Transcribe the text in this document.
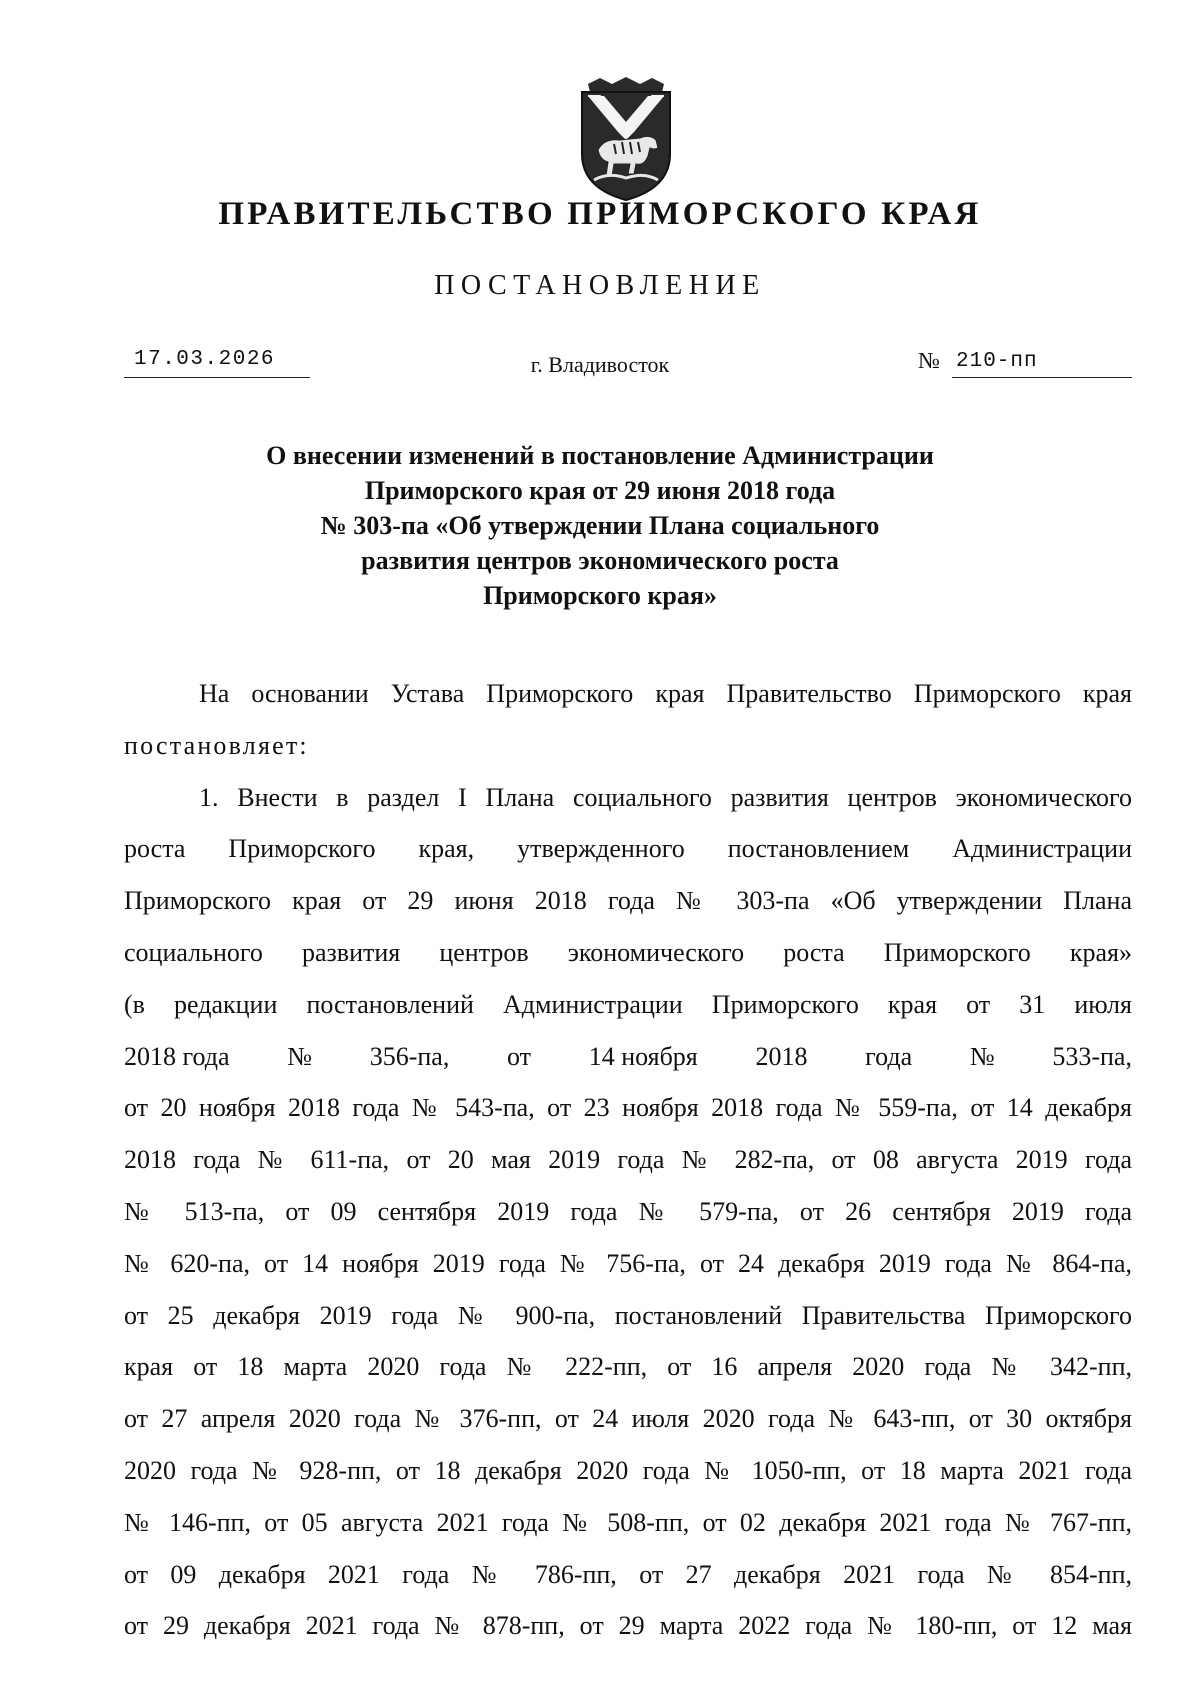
ПРАВИТЕЛЬСТВО ПРИМОРСКОГО КРАЯ
ПОСТАНОВЛЕНИЕ
17.03.2026	г. Владивосток	№ 210-пп
О внесении изменений в постановление Администрации
Приморского края от 29 июня 2018 года
№ 303-па «Об утверждении Плана социального
развития центров экономического роста
Приморского края»
На основании Устава Приморского края Правительство Приморского края
постановляет:
1. Внести в раздел I Плана социального развития центров экономического
роста Приморского края, утвержденного постановлением Администрации
Приморского края от 29 июня 2018 года № 303-па «Об утверждении Плана
социального развития центров экономического роста Приморского края»
(в редакции постановлений Администрации Приморского края от 31 июля
2018 года № 356-па, от 14 ноября 2018 года № 533-па,
от 20 ноября 2018 года № 543-па, от 23 ноября 2018 года № 559-па, от 14 декабря
2018 года № 611-па, от 20 мая 2019 года № 282-па, от 08 августа 2019 года
№ 513-па, от 09 сентября 2019 года № 579-па, от 26 сентября 2019 года
№ 620-па, от 14 ноября 2019 года № 756-па, от 24 декабря 2019 года № 864-па,
от 25 декабря 2019 года № 900-па, постановлений Правительства Приморского
края от 18 марта 2020 года № 222-пп, от 16 апреля 2020 года № 342-пп,
от 27 апреля 2020 года № 376-пп, от 24 июля 2020 года № 643-пп, от 30 октября
2020 года № 928-пп, от 18 декабря 2020 года № 1050-пп, от 18 марта 2021 года
№ 146-пп, от 05 августа 2021 года № 508-пп, от 02 декабря 2021 года № 767-пп,
от 09 декабря 2021 года № 786-пп, от 27 декабря 2021 года № 854-пп,
от 29 декабря 2021 года № 878-пп, от 29 марта 2022 года № 180-пп, от 12 мая
